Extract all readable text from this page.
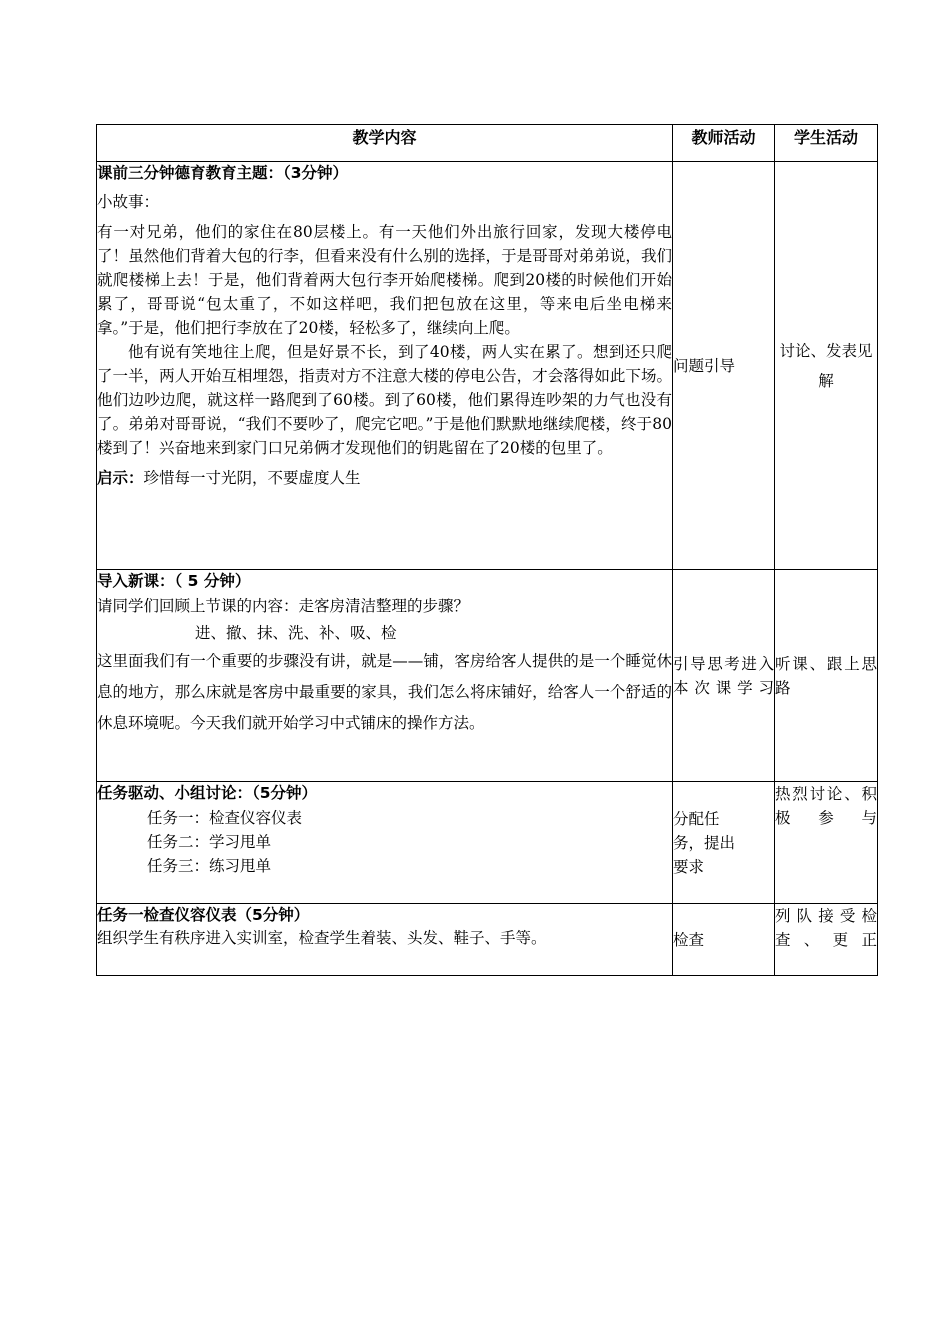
教学内容	教师活动	学生活动

课前三分钟德育教育主题：（3分钟）

小故事：

有一对兄弟，他们的家住在80层楼上。有一天他们外出旅行回家，发现大楼停电了！虽然他们背着大包的行李，但看来没有什么别的选择，于是哥哥对弟弟说，我们就爬楼梯上去！于是，他们背着两大包行李开始爬楼梯。爬到20楼的时候他们开始累了，哥哥说“包太重了，不如这样吧，我们把包放在这里，等来电后坐电梯来拿。”于是，他们把行李放在了20楼，轻松多了，继续向上爬。

他有说有笑地往上爬，但是好景不长，到了40楼，两人实在累了。想到还只爬了一半，两人开始互相埋怨，指责对方不注意大楼的停电公告，才会落得如此下场。他们边吵边爬，就这样一路爬到了60楼。到了60楼，他们累得连吵架的力气也没有了。弟弟对哥哥说，“我们不要吵了，爬完它吧。”于是他们默默地继续爬楼，终于80楼到了！兴奋地来到家门口兄弟俩才发现他们的钥匙留在了20楼的包里了。

启示：珍惜每一寸光阴，不要虚度人生	问题引导	讨论、发表见解

导入新课：（ 5 分钟）

请同学们回顾上节课的内容：走客房清洁整理的步骤？

进、撤、抹、洗、补、吸、检

这里面我们有一个重要的步骤没有讲，就是——铺，客房给客人提供的是一个睡觉休息的地方，那么床就是客房中最重要的家具，我们怎么将床铺好，给客人一个舒适的休息环境呢。今天我们就开始学习中式铺床的操作方法。	引导思考进入本次课学习	听课、跟上思路

任务驱动、小组讨论：（5分钟）
任务一：检查仪容仪表
任务二：学习甩单
任务三：练习甩单	分配任务，提出要求	热烈讨论、积极参与

任务一检查仪容仪表（5分钟）

组织学生有秩序进入实训室，检查学生着装、头发、鞋子、手等。	检查	列队接受检查、更正
